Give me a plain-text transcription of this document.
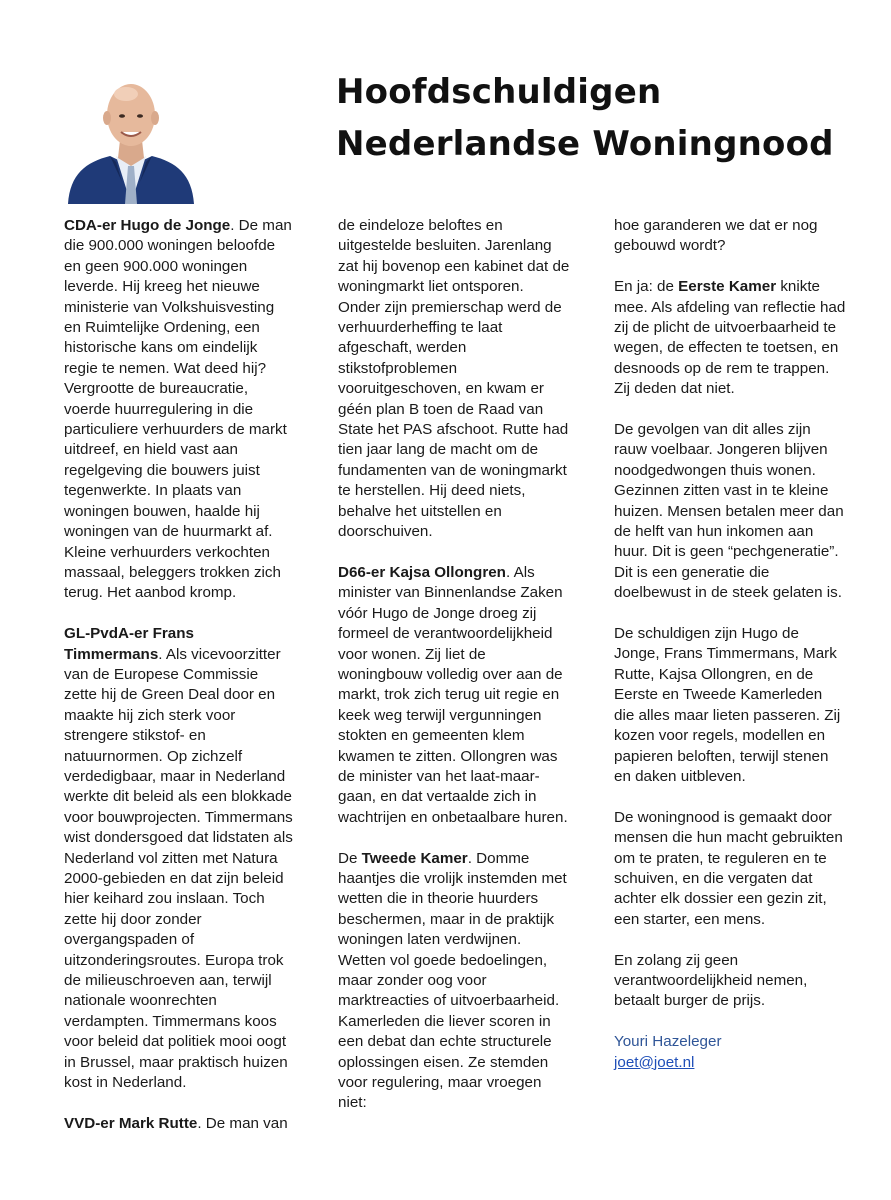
Hoofdschuldigen
Nederlandse Woningnood

CDA-er Hugo de Jonge. De man die 900.000 woningen beloofde en geen 900.000 woningen leverde. Hij kreeg het nieuwe ministerie van Volkshuisvesting en Ruimtelijke Ordening, een historische kans om eindelijk regie te nemen. Wat deed hij? Vergrootte de bureaucratie, voerde huurregulering in die particuliere verhuurders de markt uitdreef, en hield vast aan regelgeving die bouwers juist tegenwerkte. In plaats van woningen bouwen, haalde hij woningen van de huurmarkt af. Kleine verhuurders verkochten massaal, beleggers trokken zich terug. Het aanbod kromp.

GL-PvdA-er Frans Timmermans. Als vicevoorzitter van de Europese Commissie zette hij de Green Deal door en maakte hij zich sterk voor strengere stikstof- en natuurnormen. Op zichzelf verdedigbaar, maar in Nederland werkte dit beleid als een blokkade voor bouwprojecten. Timmermans wist dondersgoed dat lidstaten als Nederland vol zitten met Natura 2000-gebieden en dat zijn beleid hier keihard zou inslaan. Toch zette hij door zonder overgangspaden of uitzonderingsroutes. Europa trok de milieuschroeven aan, terwijl nationale woonrechten verdampten. Timmermans koos voor beleid dat politiek mooi oogt in Brussel, maar praktisch huizen kost in Nederland.

VVD-er Mark Rutte. De man van

de eindeloze beloftes en uitgestelde besluiten. Jarenlang zat hij bovenop een kabinet dat de woningmarkt liet ontsporen. Onder zijn premierschap werd de verhuurderheffing te laat afgeschaft, werden stikstofproblemen vooruitgeschoven, en kwam er géén plan B toen de Raad van State het PAS afschoot. Rutte had tien jaar lang de macht om de fundamenten van de woningmarkt te herstellen. Hij deed niets, behalve het uitstellen en doorschuiven.

D66-er Kajsa Ollongren. Als minister van Binnenlandse Zaken vóór Hugo de Jonge droeg zij formeel de verantwoordelijkheid voor wonen. Zij liet de woningbouw volledig over aan de markt, trok zich terug uit regie en keek weg terwijl vergunningen stokten en gemeenten klem kwamen te zitten. Ollongren was de minister van het laat-maar-gaan, en dat vertaalde zich in wachtrijen en onbetaalbare huren.

De Tweede Kamer. Domme haantjes die vrolijk instemden met wetten die in theorie huurders beschermen, maar in de praktijk woningen laten verdwijnen. Wetten vol goede bedoelingen, maar zonder oog voor marktreacties of uitvoerbaarheid. Kamerleden die liever scoren in een debat dan echte structurele oplossingen eisen. Ze stemden voor regulering, maar vroegen niet:

hoe garanderen we dat er nog gebouwd wordt?

En ja: de Eerste Kamer knikte mee. Als afdeling van reflectie had zij de plicht de uitvoerbaarheid te wegen, de effecten te toetsen, en desnoods op de rem te trappen. Zij deden dat niet.

De gevolgen van dit alles zijn rauw voelbaar. Jongeren blijven noodgedwongen thuis wonen. Gezinnen zitten vast in te kleine huizen. Mensen betalen meer dan de helft van hun inkomen aan huur. Dit is geen “pechgeneratie”. Dit is een generatie die doelbewust in de steek gelaten is.

De schuldigen zijn Hugo de Jonge, Frans Timmermans, Mark Rutte, Kajsa Ollongren, en de Eerste en Tweede Kamerleden die alles maar lieten passeren. Zij kozen voor regels, modellen en papieren beloften, terwijl stenen en daken uitbleven.

De woningnood is gemaakt door mensen die hun macht gebruikten om te praten, te reguleren en te schuiven, en die vergaten dat achter elk dossier een gezin zit, een starter, een mens.

En zolang zij geen verantwoordelijkheid nemen, betaalt burger de prijs.

Youri Hazeleger
joet@joet.nl
